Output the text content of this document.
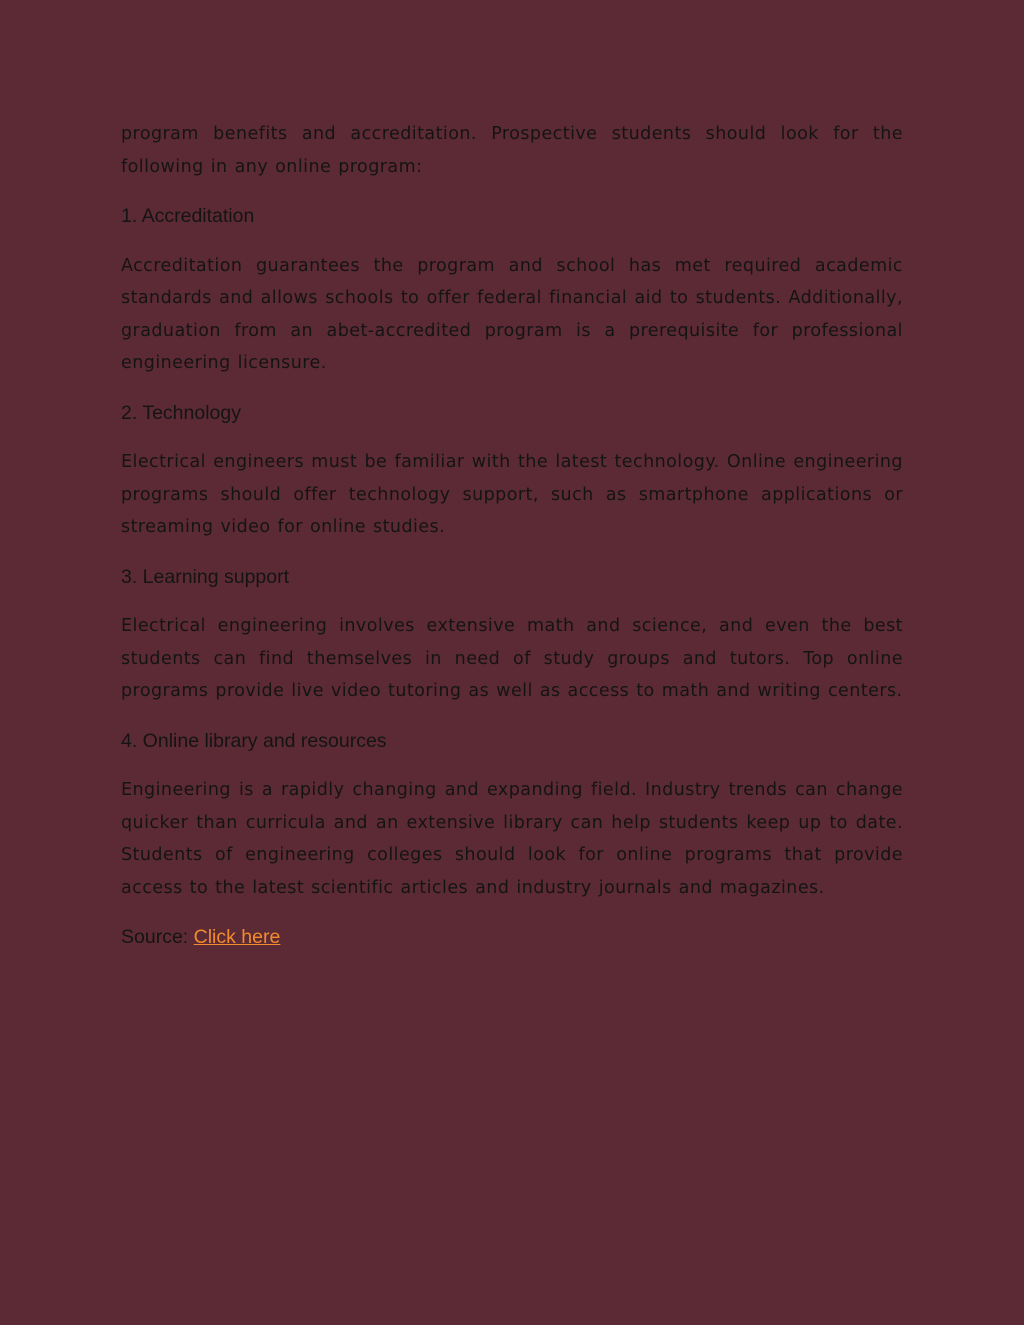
program benefits and accreditation. Prospective students should look for the following in any online program:

1. Accreditation

Accreditation guarantees the program and school has met required academic standards and allows schools to offer federal financial aid to students. Additionally, graduation from an abet-accredited program is a prerequisite for professional engineering licensure.

2. Technology

Electrical engineers must be familiar with the latest technology. Online engineering programs should offer technology support, such as smartphone applications or streaming video for online studies.

3. Learning support

Electrical engineering involves extensive math and science, and even the best students can find themselves in need of study groups and tutors. Top online programs provide live video tutoring as well as access to math and writing centers.

4. Online library and resources

Engineering is a rapidly changing and expanding field. Industry trends can change quicker than curricula and an extensive library can help students keep up to date. Students of engineering colleges should look for online programs that provide access to the latest scientific articles and industry journals and magazines.

Source: Click here
